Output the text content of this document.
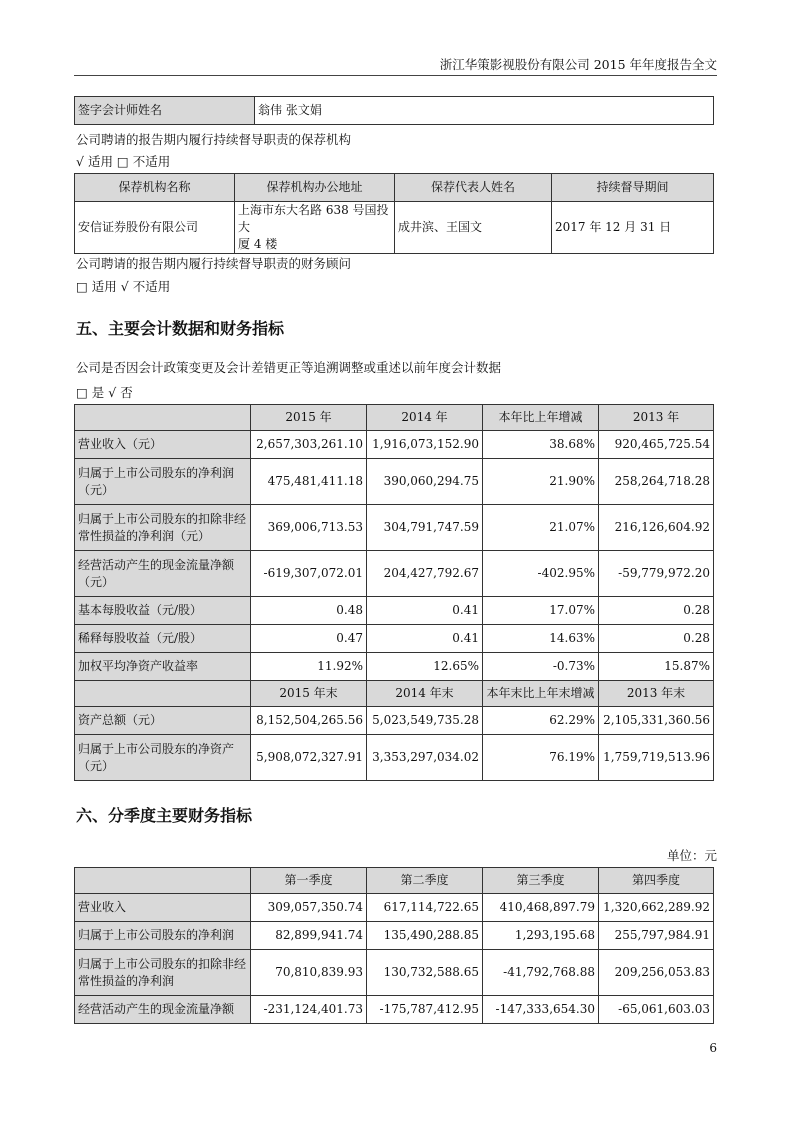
浙江华策影视股份有限公司 2015 年年度报告全文
签字会计师姓名	翁伟 张文娟
公司聘请的报告期内履行持续督导职责的保荐机构
√ 适用 □ 不适用
保荐机构名称	保荐机构办公地址	保荐代表人姓名	持续督导期间
安信证券股份有限公司	上海市东大名路 638 号国投大
厦 4 楼	成井滨、王国文	2017 年 12 月 31 日
公司聘请的报告期内履行持续督导职责的财务顾问
□ 适用 √ 不适用
五、主要会计数据和财务指标
公司是否因会计政策变更及会计差错更正等追溯调整或重述以前年度会计数据
□ 是 √ 否
	2015 年	2014 年	本年比上年增减	2013 年

营业收入（元）	2,657,303,261.10	1,916,073,152.90	38.68%	920,465,725.54

归属于上市公司股东的净利润
（元）	475,481,411.18	390,060,294.75	21.90%	258,264,718.28

归属于上市公司股东的扣除非经
常性损益的净利润（元）	369,006,713.53	304,791,747.59	21.07%	216,126,604.92

经营活动产生的现金流量净额
（元）	-619,307,072.01	204,427,792.67	-402.95%	-59,779,972.20

基本每股收益（元/股）	0.48	0.41	17.07%	0.28

稀释每股收益（元/股）	0.47	0.41	14.63%	0.28

加权平均净资产收益率	11.92%	12.65%	-0.73%	15.87%
	2015 年末	2014 年末	本年末比上年末增减	2013 年末

资产总额（元）	8,152,504,265.56	5,023,549,735.28	62.29%	2,105,331,360.56

归属于上市公司股东的净资产
（元）	5,908,072,327.91	3,353,297,034.02	76.19%	1,759,719,513.96
六、分季度主要财务指标
单位：元
	第一季度	第二季度	第三季度	第四季度

营业收入	309,057,350.74	617,114,722.65	410,468,897.79	1,320,662,289.92

归属于上市公司股东的净利润	82,899,941.74	135,490,288.85	1,293,195.68	255,797,984.91

归属于上市公司股东的扣除非经
常性损益的净利润	70,810,839.93	130,732,588.65	-41,792,768.88	209,256,053.83

经营活动产生的现金流量净额	-231,124,401.73	-175,787,412.95	-147,333,654.30	-65,061,603.03
6
